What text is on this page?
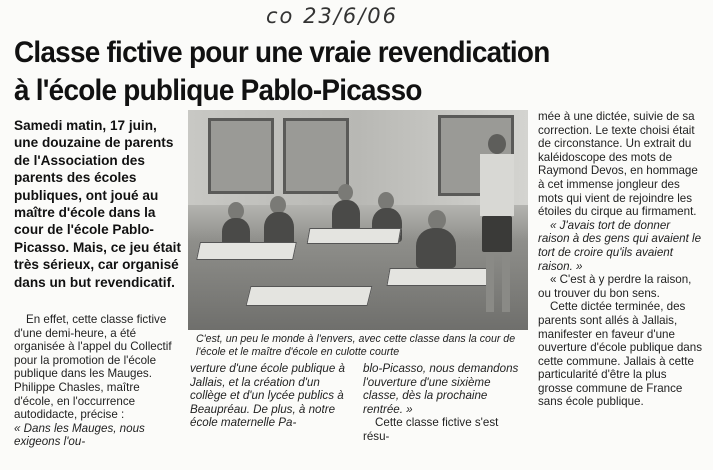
co 23/6/06
Classe fictive pour une vraie revendication
à l'école publique Pablo-Picasso
Samedi matin, 17 juin, une douzaine de parents de l'Association des parents des écoles publiques, ont joué au maître d'école dans la cour de l'école Pablo-Picasso. Mais, ce jeu était très sérieux, car organisé dans un but revendicatif.
C'est, un peu le monde à l'envers, avec cette classe dans la cour de l'école et le maître d'école en culotte courte

En effet, cette classe fictive d'une demi-heure, a été organisée à l'appel du Collectif pour la promotion de l'école publique dans les Mauges. Philippe Chasles, maître d'école, en l'occurrence autodidacte, précise :

« Dans les Mauges, nous exigeons l'ou-

verture d'une école publique à Jallais, et la création d'un collège et d'un lycée publics à Beaupréau. De plus, à notre école maternelle Pa-

blo-Picasso, nous demandons l'ouverture d'une sixième classe, dès la prochaine rentrée. »

Cette classe fictive s'est résu-

mée à une dictée, suivie de sa correction. Le texte choisi était de circonstance. Un extrait du kaléidoscope des mots de Raymond Devos, en hommage à cet immense jongleur des mots qui vient de rejoindre les étoiles du cirque au firmament.

« J'avais tort de donner raison à des gens qui avaient le tort de croire qu'ils avaient raison. »

« C'est à y perdre la raison, ou trouver du bon sens.

Cette dictée terminée, des parents sont allés à Jallais, manifester en faveur d'une ouverture d'école publique dans cette commune. Jallais à cette particularité d'être la plus grosse commune de France sans école publique.
